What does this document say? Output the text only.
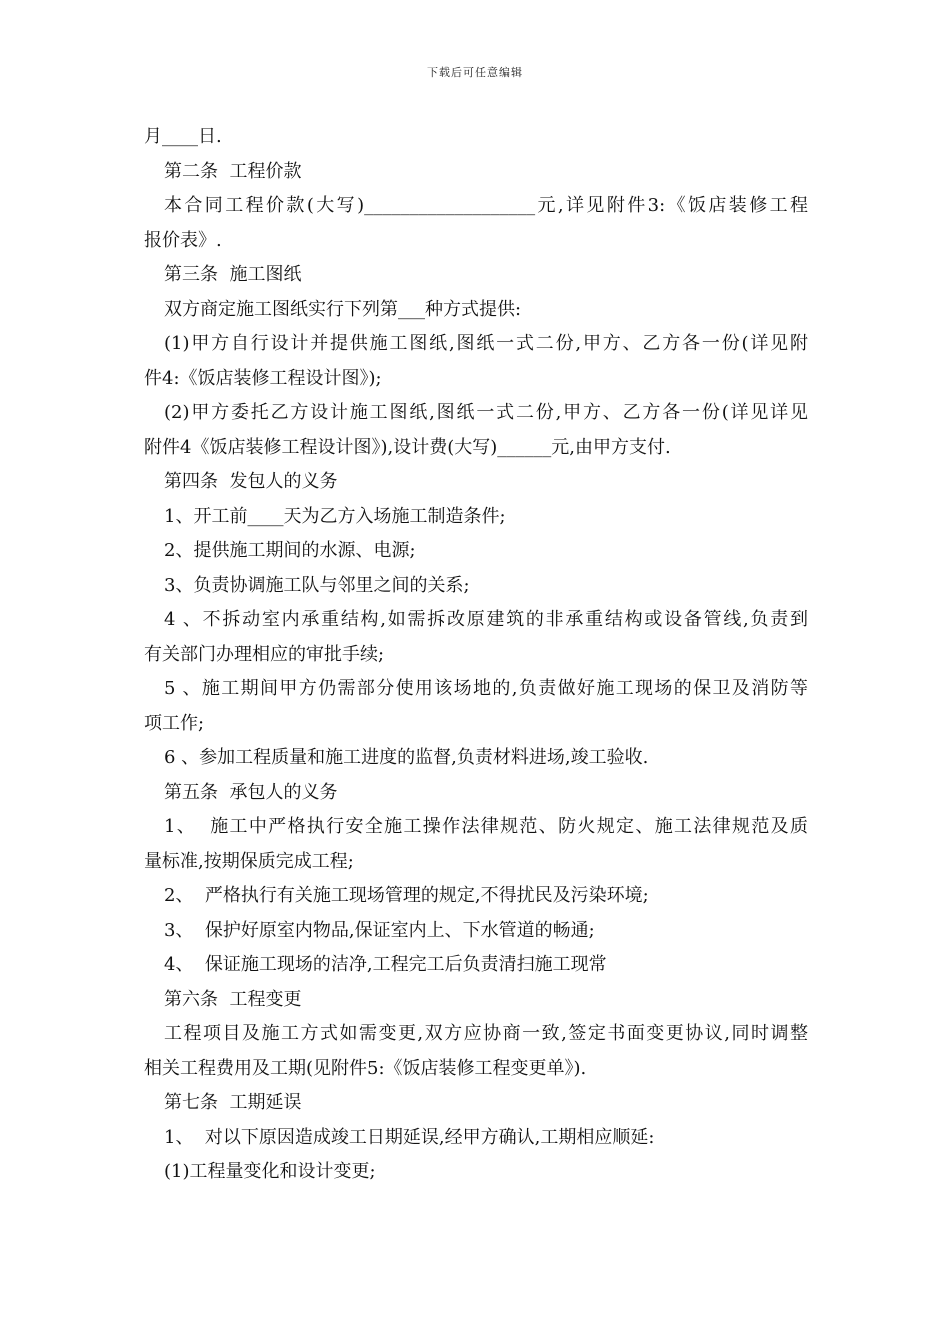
下载后可任意编辑
月____日.
第二条  工程价款
本合同工程价款(大写)___________________元,详见附件3:《饭店装修工程
报价表》.
第三条  施工图纸
双方商定施工图纸实行下列第___种方式提供:
(1)甲方自行设计并提供施工图纸,图纸一式二份,甲方、乙方各一份(详见附
件4:《饭店装修工程设计图》);
(2)甲方委托乙方设计施工图纸,图纸一式二份,甲方、乙方各一份(详见详见
附件4《饭店装修工程设计图》),设计费(大写)______元,由甲方支付.
第四条  发包人的义务
1、开工前____天为乙方入场施工制造条件;
2、提供施工期间的水源、电源;
3、负责协调施工队与邻里之间的关系;
4 、不拆动室内承重结构,如需拆改原建筑的非承重结构或设备管线,负责到
有关部门办理相应的审批手续;
5 、施工期间甲方仍需部分使用该场地的,负责做好施工现场的保卫及消防等
项工作;
6 、参加工程质量和施工进度的监督,负责材料进场,竣工验收.
第五条  承包人的义务
1、  施工中严格执行安全施工操作法律规范、防火规定、施工法律规范及质
量标准,按期保质完成工程;
2、  严格执行有关施工现场管理的规定,不得扰民及污染环境;
3、  保护好原室内物品,保证室内上、下水管道的畅通;
4、  保证施工现场的洁净,工程完工后负责清扫施工现常
第六条  工程变更
工程项目及施工方式如需变更,双方应协商一致,签定书面变更协议,同时调整
相关工程费用及工期(见附件5:《饭店装修工程变更单》).
第七条  工期延误
1、  对以下原因造成竣工日期延误,经甲方确认,工期相应顺延:
(1)工程量变化和设计变更;
